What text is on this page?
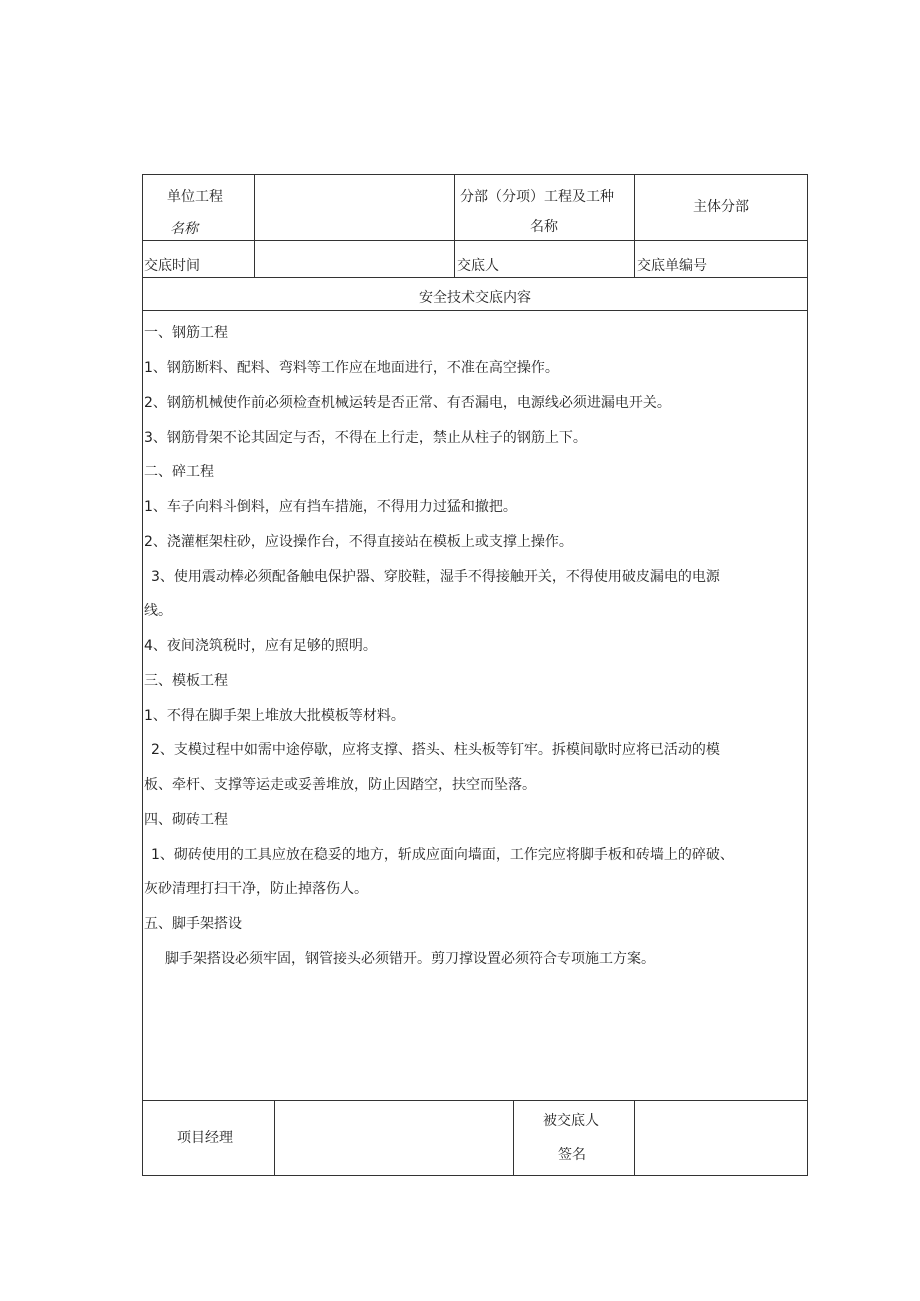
单位工程
名称
分部（分项）工程及工种
名称
主体分部
交底时间	交底人	交底单编号
安全技术交底内容
一、钢筋工程
1、钢筋断料、配料、弯料等工作应在地面进行，不准在高空操作。
2、钢筋机械使作前必须检查机械运转是否正常、有否漏电，电源线必须进漏电开关。
3、钢筋骨架不论其固定与否，不得在上行走，禁止从柱子的钢筋上下。
二、碎工程
1、车子向料斗倒料，应有挡车措施，不得用力过猛和撤把。
2、浇灌框架柱砂，应设操作台，不得直接站在模板上或支撑上操作。
3、使用震动棒必须配备触电保护器、穿胶鞋，湿手不得接触开关，不得使用破皮漏电的电源
线。
4、夜间浇筑税时，应有足够的照明。
三、模板工程
1、不得在脚手架上堆放大批模板等材料。
2、支模过程中如需中途停歇，应将支撑、搭头、柱头板等钉牢。拆模间歇时应将已活动的模
板、牵杆、支撑等运走或妥善堆放，防止因踏空，扶空而坠落。
四、砌砖工程
1、砌砖使用的工具应放在稳妥的地方，斩成应面向墙面，工作完应将脚手板和砖墙上的碎破、
灰砂清理打扫干净，防止掉落伤人。
五、脚手架搭设
脚手架搭设必须牢固，钢管接头必须错开。剪刀撑设置必须符合专项施工方案。
项目经理
被交底人
签名
